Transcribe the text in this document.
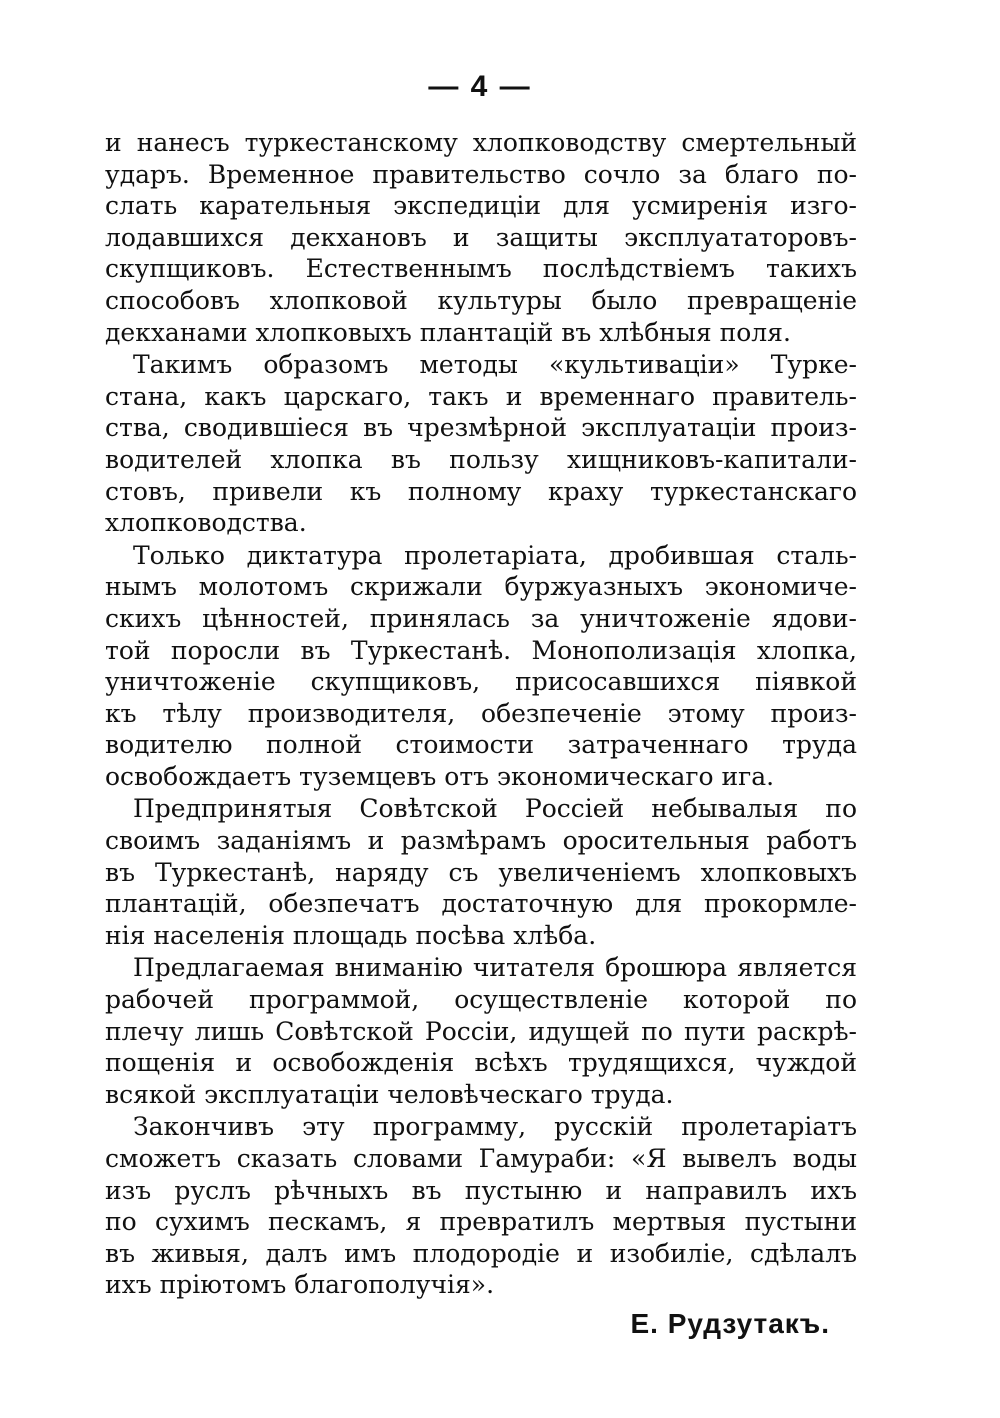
— 4 —
и нанесъ туркестанскому хлопководству смертельный
ударъ. Временное правительство сочло за благо по-
слать карательныя экспедиціи для усмиренія изго-
лодавшихся декхановъ и защиты эксплуататоровъ-
скупщиковъ. Естественнымъ послѣдствіемъ такихъ
способовъ хлопковой культуры было превращеніе
декханами хлопковыхъ плантацій въ хлѣбныя поля.
Такимъ образомъ методы «культиваціи» Турке-
стана, какъ царскаго, такъ и временнаго правитель-
ства, сводившіеся въ чрезмѣрной эксплуатаціи произ-
водителей хлопка въ пользу хищниковъ-капитали-
стовъ, привели къ полному краху туркестанскаго
хлопководства.
Только диктатура пролетаріата, дробившая сталь-
нымъ молотомъ скрижали буржуазныхъ экономиче-
скихъ цѣнностей, принялась за уничтоженіе ядови-
той поросли въ Туркестанѣ. Монополизація хлопка,
уничтоженіе скупщиковъ, присосавшихся піявкой
къ тѣлу производителя, обезпеченіе этому произ-
водителю полной стоимости затраченнаго труда
освобождаетъ туземцевъ отъ экономическаго ига.
Предпринятыя Совѣтской Россіей небывалыя по
своимъ заданіямъ и размѣрамъ оросительныя работъ
въ Туркестанѣ, наряду съ увеличеніемъ хлопковыхъ
плантацій, обезпечатъ достаточную для прокормле-
нія населенія площадь посѣва хлѣба.
Предлагаемая вниманію читателя брошюра является
рабочей программой, осуществленіе которой по
плечу лишь Совѣтской Россіи, идущей по пути раскрѣ-
пощенія и освобожденія всѣхъ трудящихся, чуждой
всякой эксплуатаціи человѣческаго труда.
Закончивъ эту программу, русскій пролетаріатъ
сможетъ сказать словами Гамураби: «Я вывелъ воды
изъ руслъ рѣчныхъ въ пустыню и направилъ ихъ
по сухимъ пескамъ, я превратилъ мертвыя пустыни
въ живыя, далъ имъ плодородіе и изобиліе, сдѣлалъ
ихъ пріютомъ благополучія».
Е. Рудзутакъ.
